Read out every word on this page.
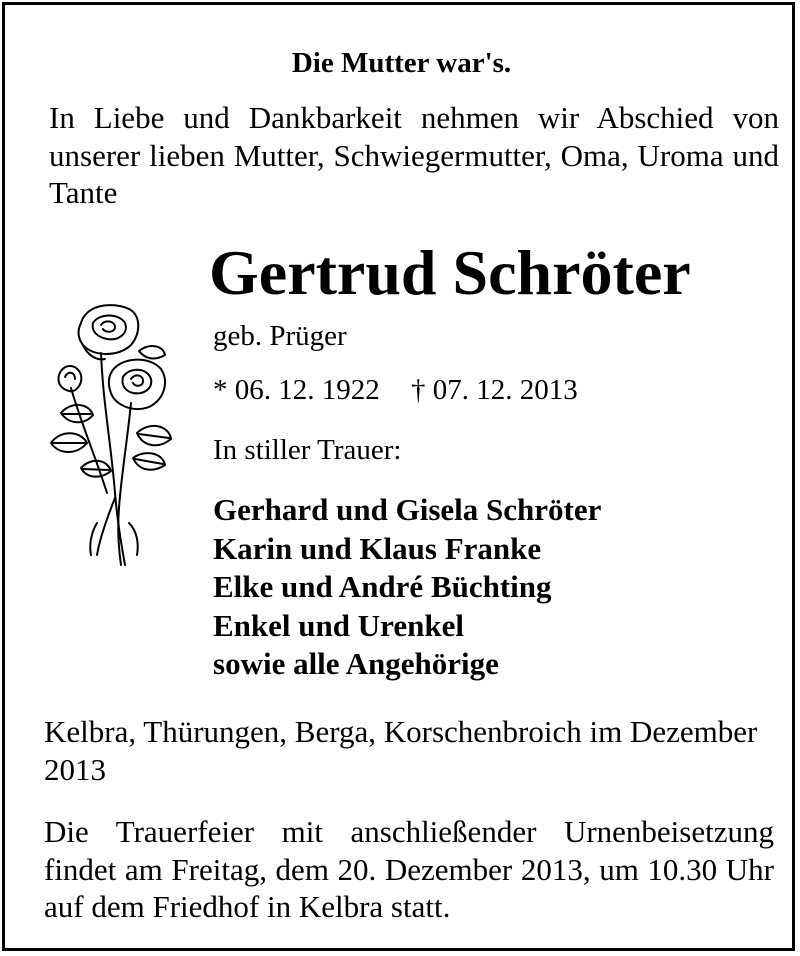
Die Mutter war's.

In Liebe und Dankbarkeit nehmen wir Abschied von unserer lieben Mutter, Schwiegermutter, Oma, Uroma und Tante

Gertrud Schröter
geb. Prüger
* 06. 12. 1922 † 07. 12. 2013
In stiller Trauer:
Gerhard und Gisela Schröter
Karin und Klaus Franke
Elke und André Büchting
Enkel und Urenkel
sowie alle Angehörige
Kelbra, Thürungen, Berga, Korschenbroich im Dezember 2013
Die Trauerfeier mit anschließender Urnenbeisetzung findet am Freitag, dem 20. Dezember 2013, um 10.30 Uhr auf dem Friedhof in Kelbra statt.
